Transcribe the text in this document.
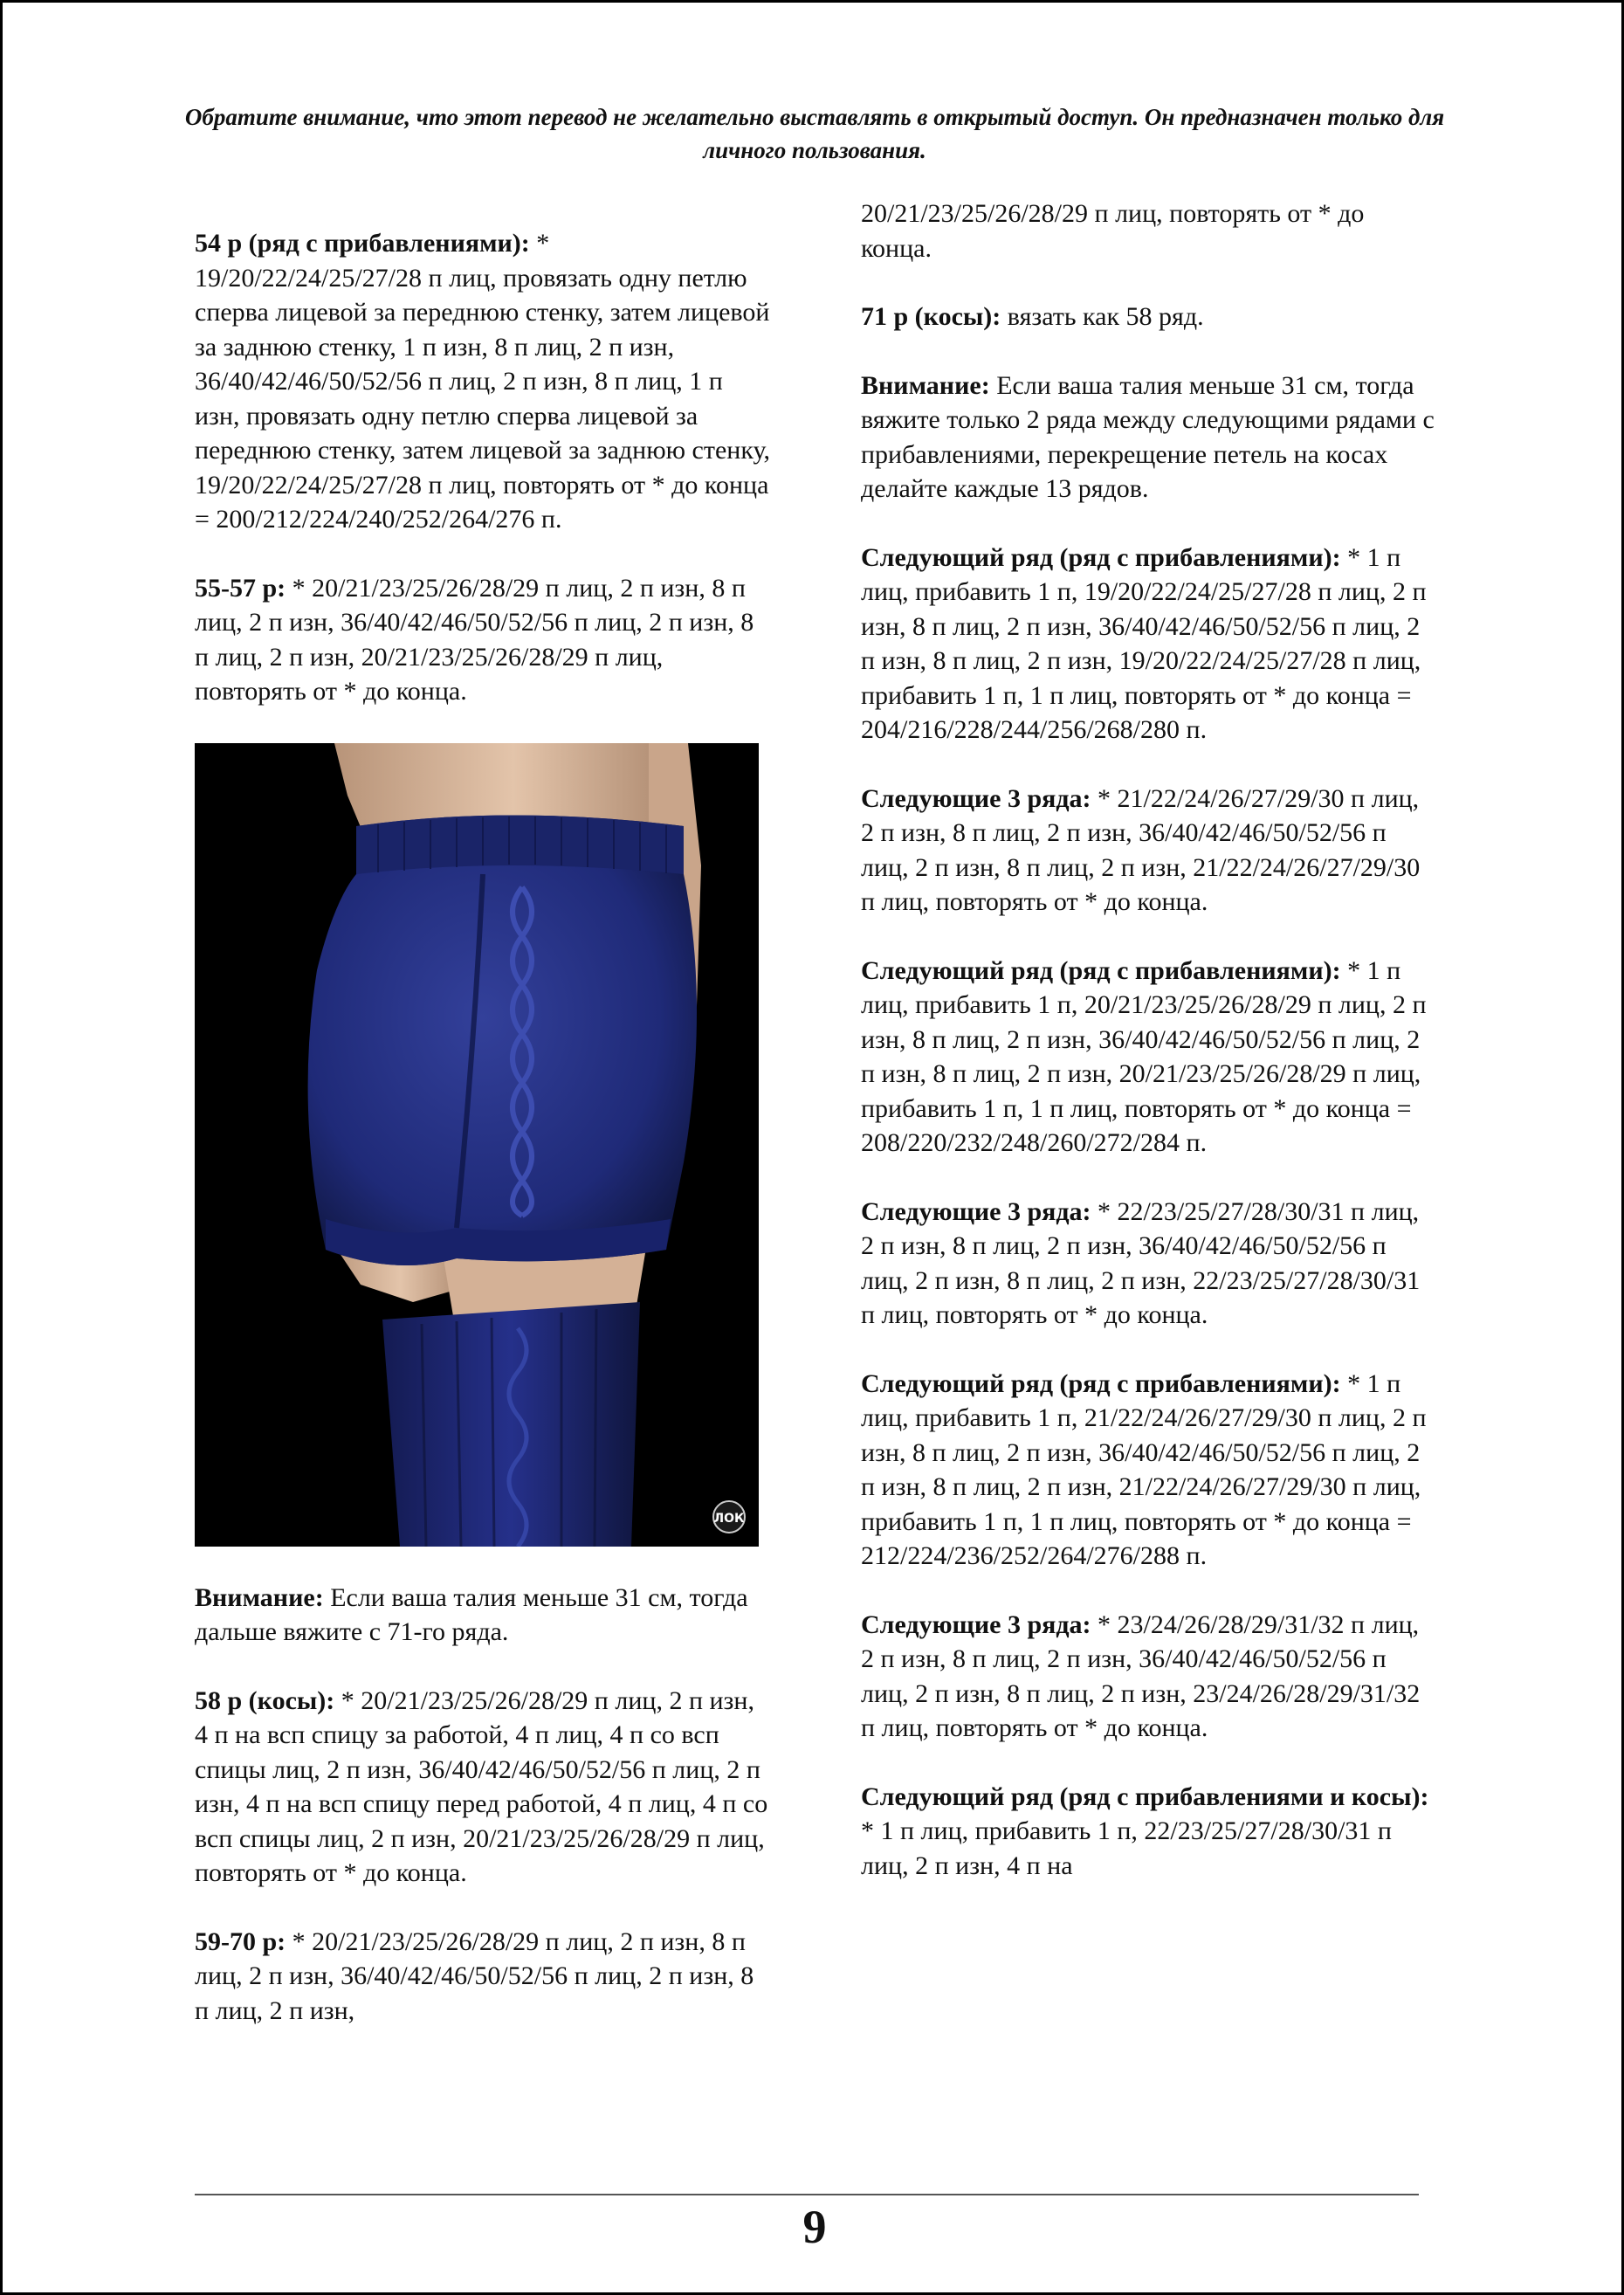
Обратите внимание, что этот перевод не желательно выставлять в открытый доступ. Он предназначен только для личного пользования.

54 р (ряд с прибавлениями): * 19/20/22/24/25/27/28 п лиц, провязать одну петлю сперва лицевой за переднюю стенку, затем лицевой за заднюю стенку, 1 п изн, 8 п лиц, 2 п изн, 36/40/42/46/50/52/56 п лиц, 2 п изн, 8 п лиц, 1 п изн, провязать одну петлю сперва лицевой за переднюю стенку, затем лицевой за заднюю стенку, 19/20/22/24/25/27/28 п лиц, повторять от * до конца = 200/212/224/240/252/264/276 п.

55-57 р: * 20/21/23/25/26/28/29 п лиц, 2 п изн, 8 п лиц, 2 п изн, 36/40/42/46/50/52/56 п лиц, 2 п изн, 8 п лиц, 2 п изн, 20/21/23/25/26/28/29 п лиц, повторять от * до конца.

ЛОК

Внимание: Если ваша талия меньше 31 см, тогда дальше вяжите с 71-го ряда.

58 р (косы): * 20/21/23/25/26/28/29 п лиц, 2 п изн, 4 п на всп спицу за работой, 4 п лиц, 4 п со всп спицы лиц, 2 п изн, 36/40/42/46/50/52/56 п лиц, 2 п изн, 4 п на всп спицу перед работой, 4 п лиц, 4 п со всп спицы лиц, 2 п изн, 20/21/23/25/26/28/29 п лиц, повторять от * до конца.

59-70 р: * 20/21/23/25/26/28/29 п лиц, 2 п изн, 8 п лиц, 2 п изн, 36/40/42/46/50/52/56 п лиц, 2 п изн, 8 п лиц, 2 п изн,

20/21/23/25/26/28/29 п лиц, повторять от * до конца.

71 р (косы): вязать как 58 ряд.

Внимание: Если ваша талия меньше 31 см, тогда вяжите только 2 ряда между следующими рядами с прибавлениями, перекрещение петель на косах делайте каждые 13 рядов.

Следующий ряд (ряд с прибавлениями): * 1 п лиц, прибавить 1 п, 19/20/22/24/25/27/28 п лиц, 2 п изн, 8 п лиц, 2 п изн, 36/40/42/46/50/52/56 п лиц, 2 п изн, 8 п лиц, 2 п изн, 19/20/22/24/25/27/28 п лиц, прибавить 1 п, 1 п лиц, повторять от * до конца = 204/216/228/244/256/268/280 п.

Следующие 3 ряда: * 21/22/24/26/27/29/30 п лиц, 2 п изн, 8 п лиц, 2 п изн, 36/40/42/46/50/52/56 п лиц, 2 п изн, 8 п лиц, 2 п изн, 21/22/24/26/27/29/30 п лиц, повторять от * до конца.

Следующий ряд (ряд с прибавлениями): * 1 п лиц, прибавить 1 п, 20/21/23/25/26/28/29 п лиц, 2 п изн, 8 п лиц, 2 п изн, 36/40/42/46/50/52/56 п лиц, 2 п изн, 8 п лиц, 2 п изн, 20/21/23/25/26/28/29 п лиц, прибавить 1 п, 1 п лиц, повторять от * до конца = 208/220/232/248/260/272/284 п.

Следующие 3 ряда: * 22/23/25/27/28/30/31 п лиц, 2 п изн, 8 п лиц, 2 п изн, 36/40/42/46/50/52/56 п лиц, 2 п изн, 8 п лиц, 2 п изн, 22/23/25/27/28/30/31 п лиц, повторять от * до конца.

Следующий ряд (ряд с прибавлениями): * 1 п лиц, прибавить 1 п, 21/22/24/26/27/29/30 п лиц, 2 п изн, 8 п лиц, 2 п изн, 36/40/42/46/50/52/56 п лиц, 2 п изн, 8 п лиц, 2 п изн, 21/22/24/26/27/29/30 п лиц, прибавить 1 п, 1 п лиц, повторять от * до конца = 212/224/236/252/264/276/288 п.

Следующие 3 ряда: * 23/24/26/28/29/31/32 п лиц, 2 п изн, 8 п лиц, 2 п изн, 36/40/42/46/50/52/56 п лиц, 2 п изн, 8 п лиц, 2 п изн, 23/24/26/28/29/31/32 п лиц, повторять от * до конца.

Следующий ряд (ряд с прибавлениями и косы): * 1 п лиц, прибавить 1 п, 22/23/25/27/28/30/31 п лиц, 2 п изн, 4 п на

9
